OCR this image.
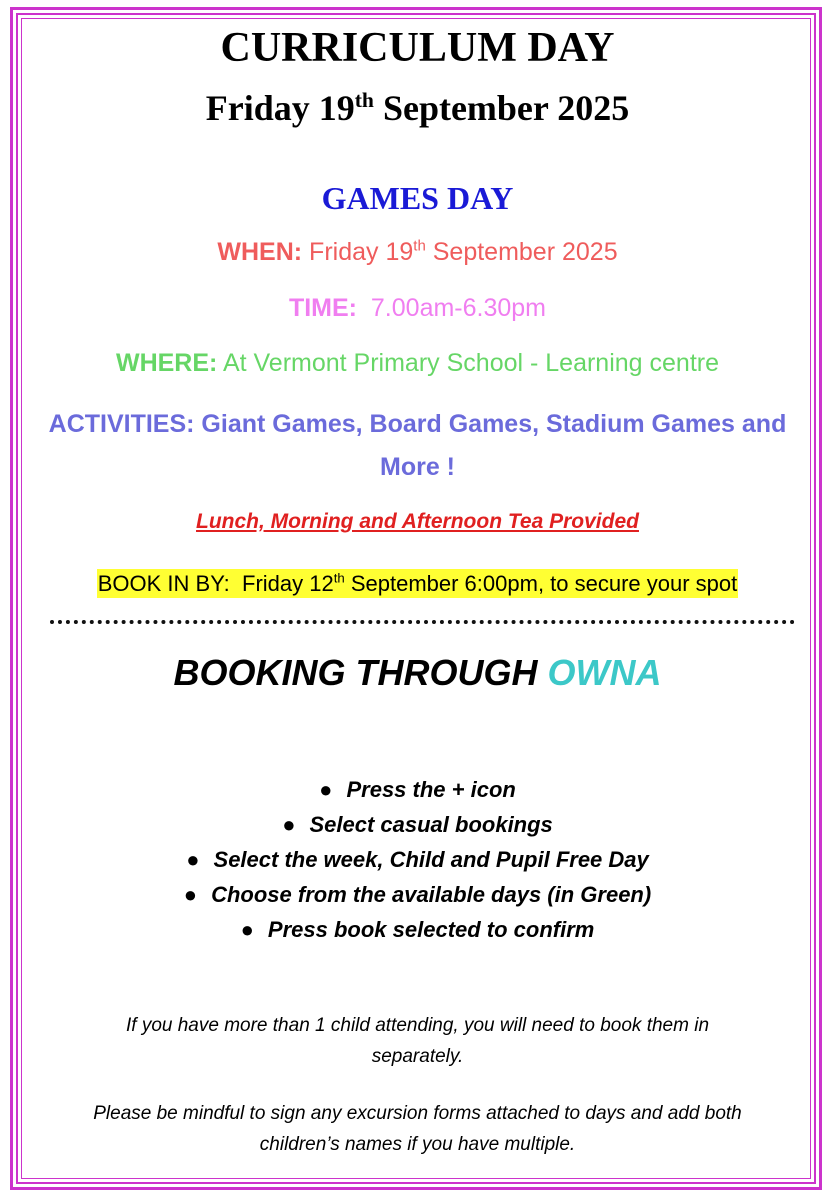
CURRICULUM DAY
Friday 19th September 2025
GAMES DAY
WHEN: Friday 19th September 2025
TIME:  7.00am-6.30pm
WHERE: At Vermont Primary School - Learning centre
ACTIVITIES: Giant Games, Board Games, Stadium Games and
More !
Lunch, Morning and Afternoon Tea Provided
BOOK IN BY:  Friday 12th September 6:00pm, to secure your spot
BOOKING THROUGH OWNA
● Press the + icon
● Select casual bookings
● Select the week, Child and Pupil Free Day
● Choose from the available days (in Green)
● Press book selected to confirm
If you have more than 1 child attending, you will need to book them in
separately.
Please be mindful to sign any excursion forms attached to days and add both
children’s names if you have multiple.
